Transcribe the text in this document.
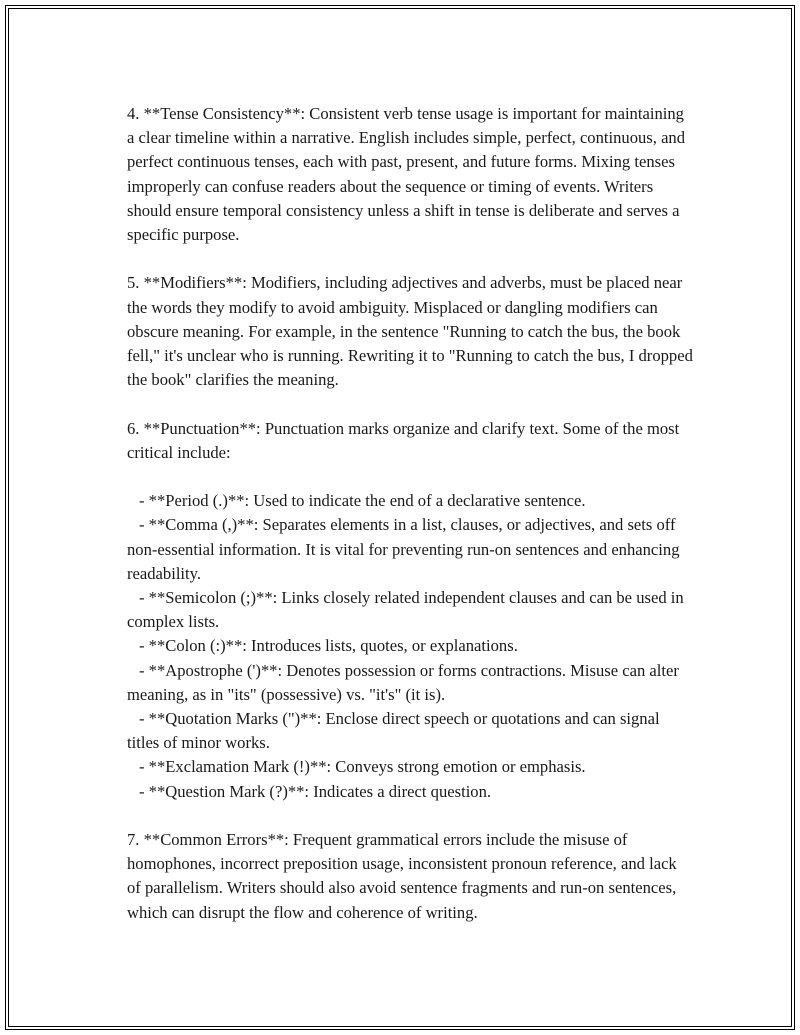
4. **Tense Consistency**: Consistent verb tense usage is important for maintaining a clear timeline within a narrative. English includes simple, perfect, continuous, and perfect continuous tenses, each with past, present, and future forms. Mixing tenses improperly can confuse readers about the sequence or timing of events. Writers should ensure temporal consistency unless a shift in tense is deliberate and serves a specific purpose.

5. **Modifiers**: Modifiers, including adjectives and adverbs, must be placed near the words they modify to avoid ambiguity. Misplaced or dangling modifiers can obscure meaning. For example, in the sentence "Running to catch the bus, the book fell," it's unclear who is running. Rewriting it to "Running to catch the bus, I dropped the book" clarifies the meaning.

6. **Punctuation**: Punctuation marks organize and clarify text. Some of the most critical include:

- **Period (.)**: Used to indicate the end of a declarative sentence.

- **Comma (,)**: Separates elements in a list, clauses, or adjectives, and sets off non-essential information. It is vital for preventing run-on sentences and enhancing readability.

- **Semicolon (;)**: Links closely related independent clauses and can be used in complex lists.

- **Colon (:)**: Introduces lists, quotes, or explanations.

- **Apostrophe (')**: Denotes possession or forms contractions. Misuse can alter meaning, as in "its" (possessive) vs. "it's" (it is).

- **Quotation Marks (")**: Enclose direct speech or quotations and can signal titles of minor works.

- **Exclamation Mark (!)**: Conveys strong emotion or emphasis.

- **Question Mark (?)**: Indicates a direct question.

7. **Common Errors**: Frequent grammatical errors include the misuse of homophones, incorrect preposition usage, inconsistent pronoun reference, and lack of parallelism. Writers should also avoid sentence fragments and run-on sentences, which can disrupt the flow and coherence of writing.
